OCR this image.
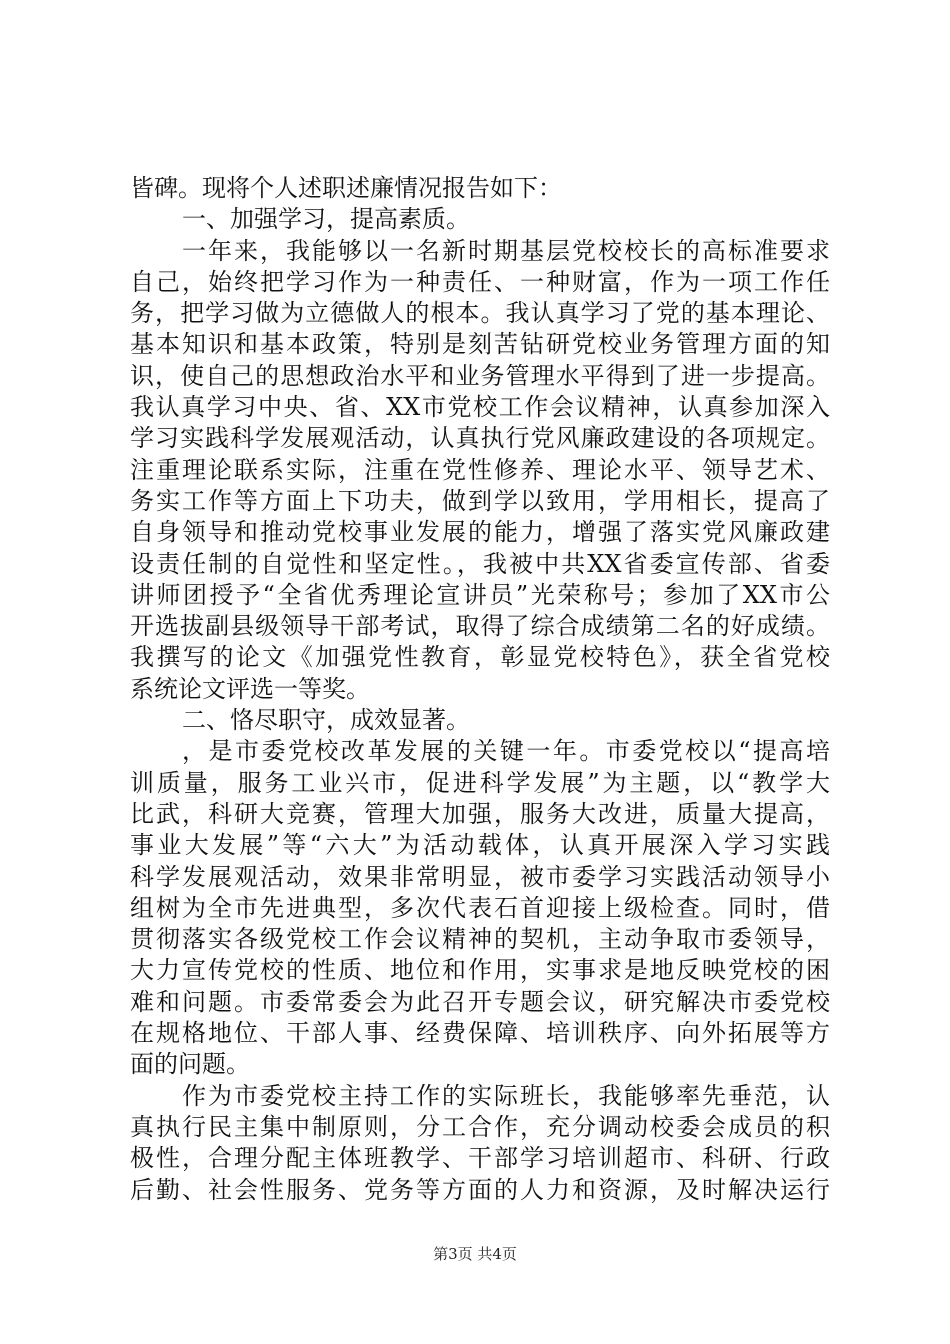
皆碑。现将个人述职述廉情况报告如下：
一、加强学习，提高素质。
一年来，我能够以一名新时期基层党校校长的高标准要求
自己，始终把学习作为一种责任、一种财富，作为一项工作任
务，把学习做为立德做人的根本。我认真学习了党的基本理论、
基本知识和基本政策，特别是刻苦钻研党校业务管理方面的知
识，使自己的思想政治水平和业务管理水平得到了进一步提高。
我认真学习中央、省、XX市党校工作会议精神，认真参加深入
学习实践科学发展观活动，认真执行党风廉政建设的各项规定。
注重理论联系实际，注重在党性修养、理论水平、领导艺术、
务实工作等方面上下功夫，做到学以致用，学用相长，提高了
自身领导和推动党校事业发展的能力，增强了落实党风廉政建
设责任制的自觉性和坚定性。，我被中共XX省委宣传部、省委
讲师团授予“全省优秀理论宣讲员”光荣称号；参加了XX市公
开选拔副县级领导干部考试，取得了综合成绩第二名的好成绩。
我撰写的论文《加强党性教育，彰显党校特色》，获全省党校
系统论文评选一等奖。
二、恪尽职守，成效显著。
，是市委党校改革发展的关键一年。市委党校以“提高培
训质量，服务工业兴市，促进科学发展”为主题，以“教学大
比武，科研大竞赛，管理大加强，服务大改进，质量大提高，
事业大发展”等“六大”为活动载体，认真开展深入学习实践
科学发展观活动，效果非常明显，被市委学习实践活动领导小
组树为全市先进典型，多次代表石首迎接上级检查。同时，借
贯彻落实各级党校工作会议精神的契机，主动争取市委领导，
大力宣传党校的性质、地位和作用，实事求是地反映党校的困
难和问题。市委常委会为此召开专题会议，研究解决市委党校
在规格地位、干部人事、经费保障、培训秩序、向外拓展等方
面的问题。
作为市委党校主持工作的实际班长，我能够率先垂范，认
真执行民主集中制原则，分工合作，充分调动校委会成员的积
极性，合理分配主体班教学、干部学习培训超市、科研、行政
后勤、社会性服务、党务等方面的人力和资源，及时解决运行
第3页 共4页
